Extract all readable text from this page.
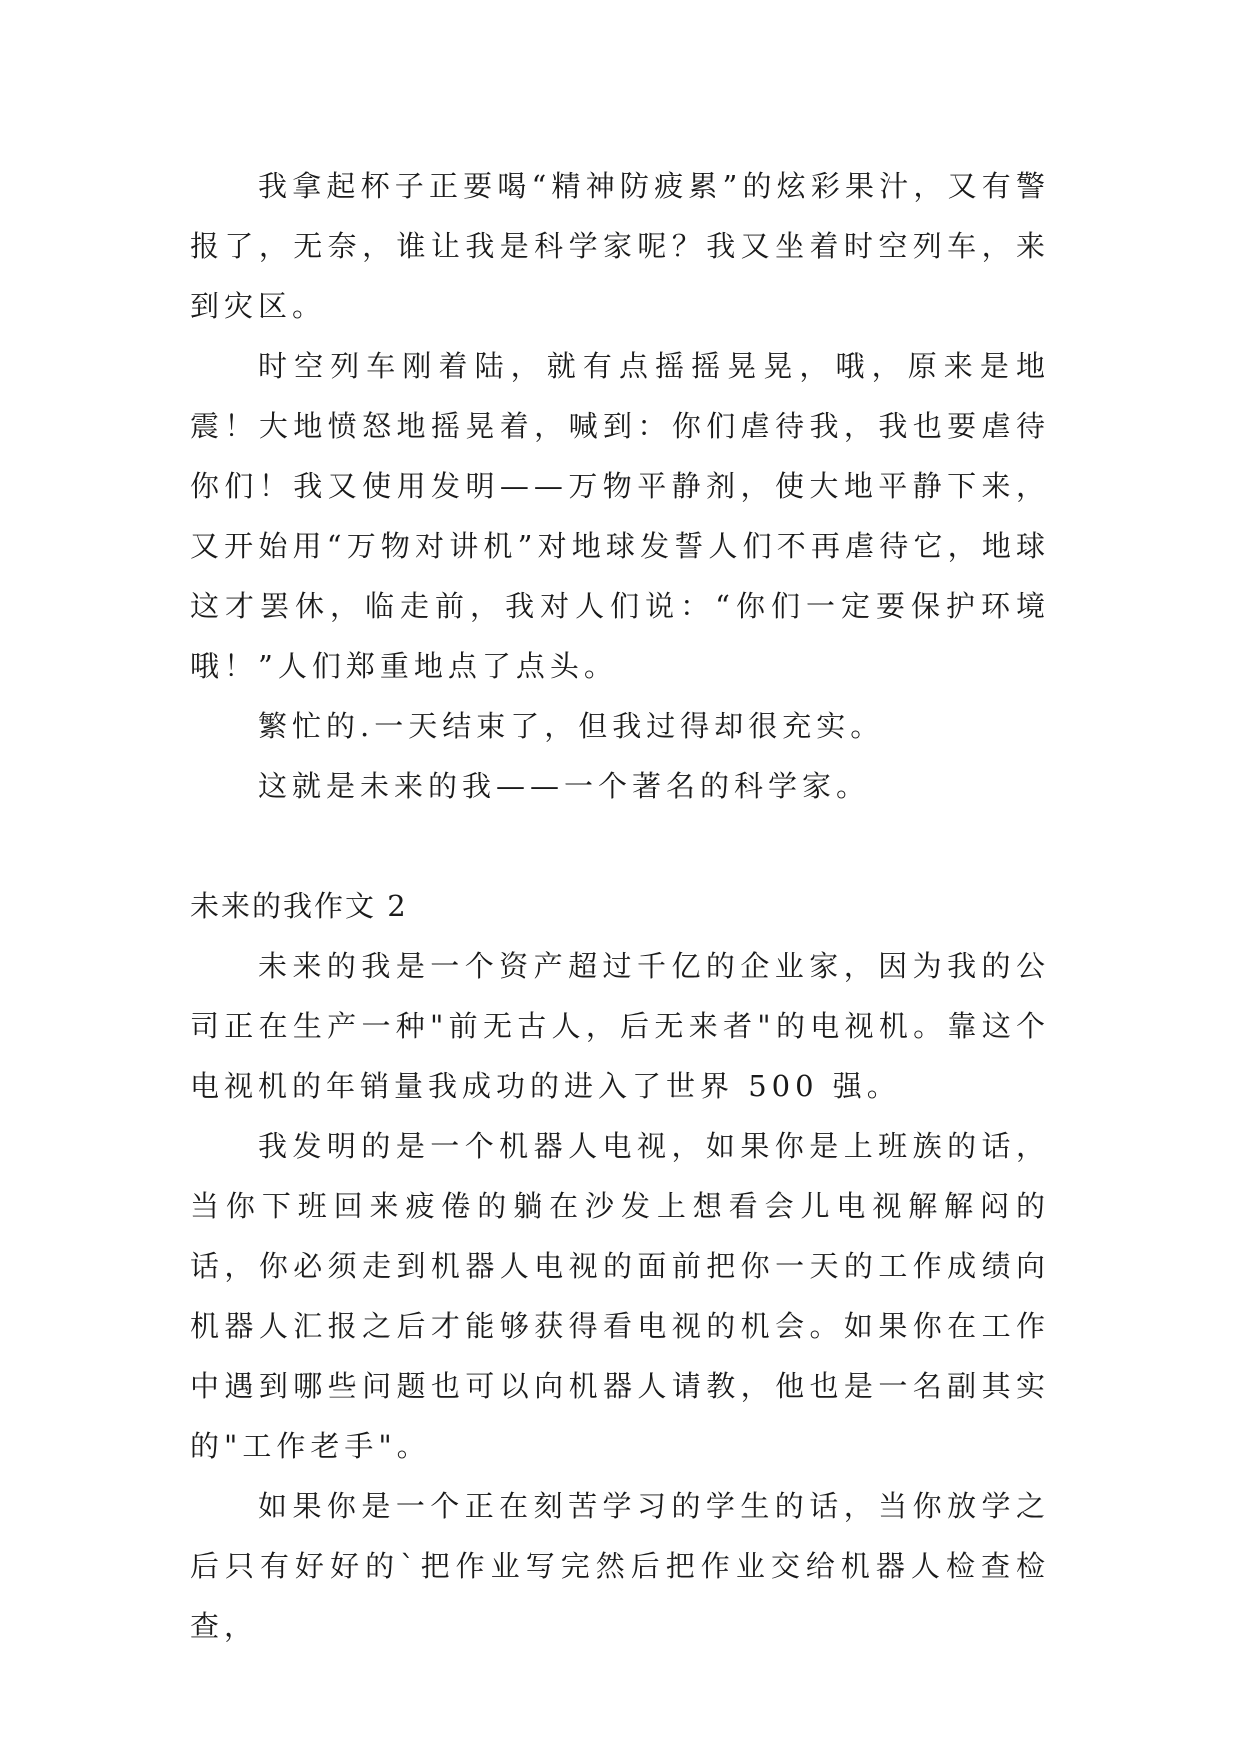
我拿起杯子正要喝“精神防疲累”的炫彩果汁，又有警报了，无奈，谁让我是科学家呢？我又坐着时空列车，来到灾区。

时空列车刚着陆，就有点摇摇晃晃，哦，原来是地震！大地愤怒地摇晃着，喊到：你们虐待我，我也要虐待你们！我又使用发明——万物平静剂，使大地平静下来，又开始用“万物对讲机”对地球发誓人们不再虐待它，地球这才罢休，临走前，我对人们说：“你们一定要保护环境哦！”人们郑重地点了点头。

繁忙的.一天结束了，但我过得却很充实。

这就是未来的我——一个著名的科学家。

未来的我作文 2

未来的我是一个资产超过千亿的企业家，因为我的公司正在生产一种"前无古人，后无来者"的电视机。靠这个电视机的年销量我成功的进入了世界 500 强。

我发明的是一个机器人电视，如果你是上班族的话，当你下班回来疲倦的躺在沙发上想看会儿电视解解闷的话，你必须走到机器人电视的面前把你一天的工作成绩向机器人汇报之后才能够获得看电视的机会。如果你在工作中遇到哪些问题也可以向机器人请教，他也是一名副其实的"工作老手"。

如果你是一个正在刻苦学习的学生的话，当你放学之后只有好好的`把作业写完然后把作业交给机器人检查检查，
